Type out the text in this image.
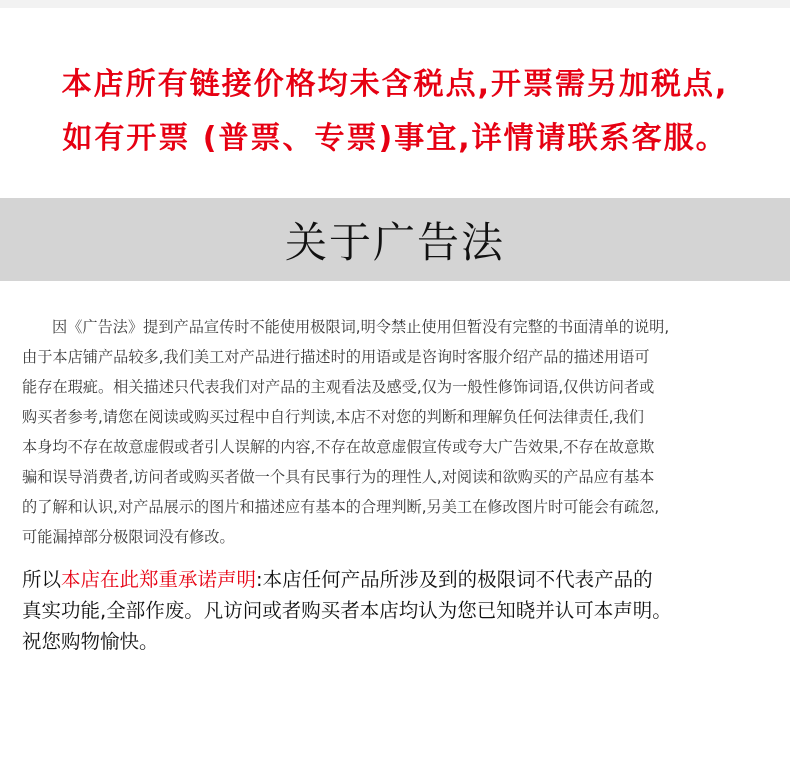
本店所有链接价格均未含税点,开票需另加税点,
如有开票 (普票、专票)事宜,详情请联系客服。
关于广告法
因《广告法》提到产品宣传时不能使用极限词,明令禁止使用但暂没有完整的书面清单的说明,
由于本店铺产品较多,我们美工对产品进行描述时的用语或是咨询时客服介绍产品的描述用语可
能存在瑕疵。相关描述只代表我们对产品的主观看法及感受,仅为一般性修饰词语,仅供访问者或
购买者参考,请您在阅读或购买过程中自行判读,本店不对您的判断和理解负任何法律责任,我们
本身均不存在故意虚假或者引人误解的内容,不存在故意虚假宣传或夸大广告效果,不存在故意欺
骗和误导消费者,访问者或购买者做一个具有民事行为的理性人,对阅读和欲购买的产品应有基本
的了解和认识,对产品展示的图片和描述应有基本的合理判断,另美工在修改图片时可能会有疏忽,
可能漏掉部分极限词没有修改。
所以本店在此郑重承诺声明:本店任何产品所涉及到的极限词不代表产品的
真实功能,全部作废。凡访问或者购买者本店均认为您已知晓并认可本声明。
祝您购物愉快。
